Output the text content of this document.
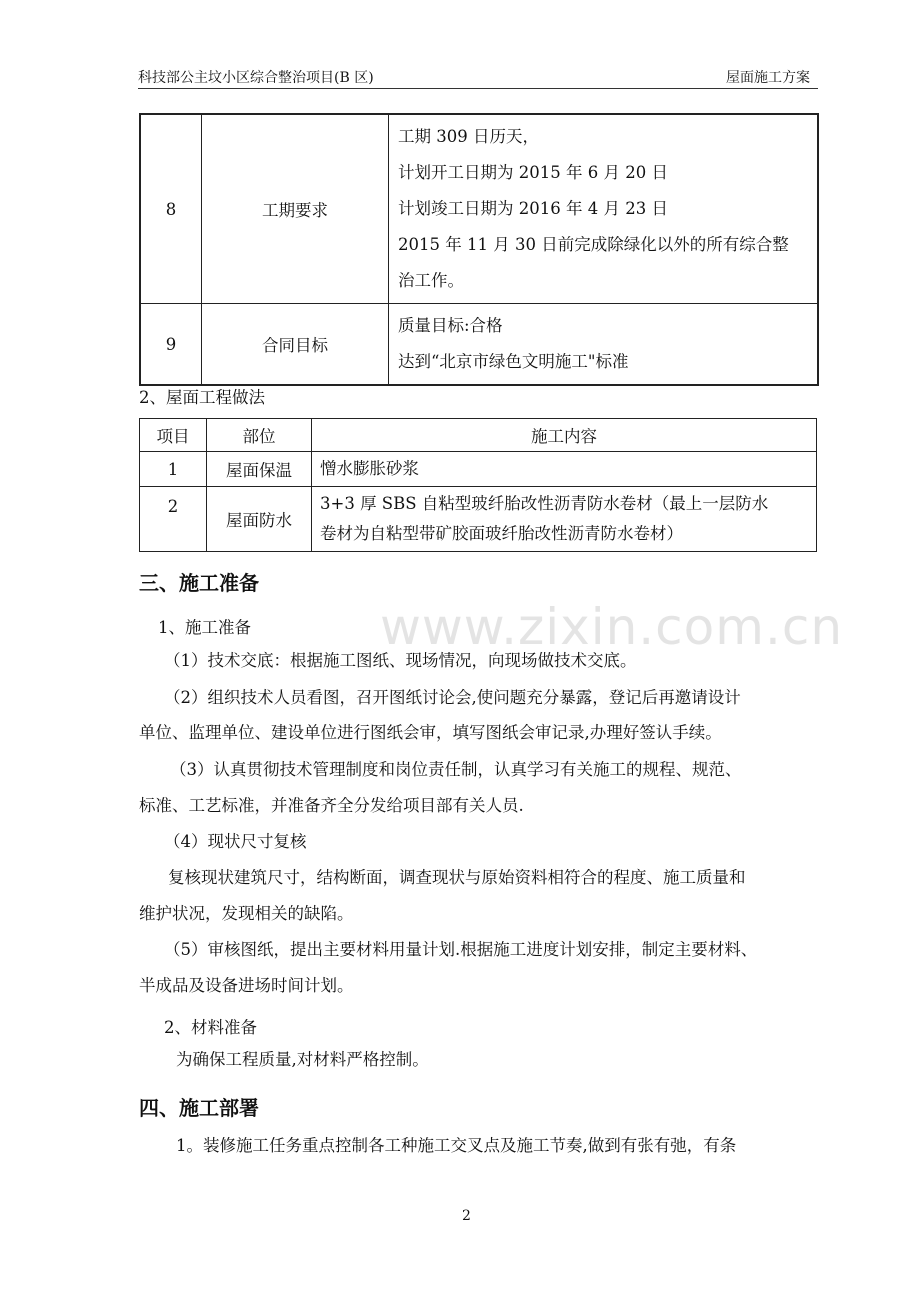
www.zixin.com.cn
科技部公主坟小区综合整治项目(B 区)	屋面施工方案
8	工期要求	工期 309 日历天，
计划开工日期为 2015 年 6 月 20 日
计划竣工日期为 2016 年 4 月 23 日
2015 年 11 月 30 日前完成除绿化以外的所有综合整
治工作。

9	合同目标	质量目标:合格
达到“北京市绿色文明施工"标准
2、屋面工程做法
项目	部位	施工内容
1	屋面保温	憎水膨胀砂浆

2	屋面防水	3+3 厚 SBS 自粘型玻纤胎改性沥青防水卷材（最上一层防水
卷材为自粘型带矿胶面玻纤胎改性沥青防水卷材）
三、施工准备
1、施工准备
（1）技术交底：根据施工图纸、现场情况，向现场做技术交底。
（2）组织技术人员看图，召开图纸讨论会,使问题充分暴露，登记后再邀请设计
单位、监理单位、建设单位进行图纸会审，填写图纸会审记录,办理好签认手续。
（3）认真贯彻技术管理制度和岗位责任制，认真学习有关施工的规程、规范、
标准、工艺标准，并准备齐全分发给项目部有关人员.
（4）现状尺寸复核
复核现状建筑尺寸，结构断面，调查现状与原始资料相符合的程度、施工质量和
维护状况，发现相关的缺陷。
（5）审核图纸，提出主要材料用量计划.根据施工进度计划安排，制定主要材料、
半成品及设备进场时间计划。
2、材料准备
为确保工程质量,对材料严格控制。
四、施工部署
1。装修施工任务重点控制各工种施工交叉点及施工节奏,做到有张有弛，有条
2
